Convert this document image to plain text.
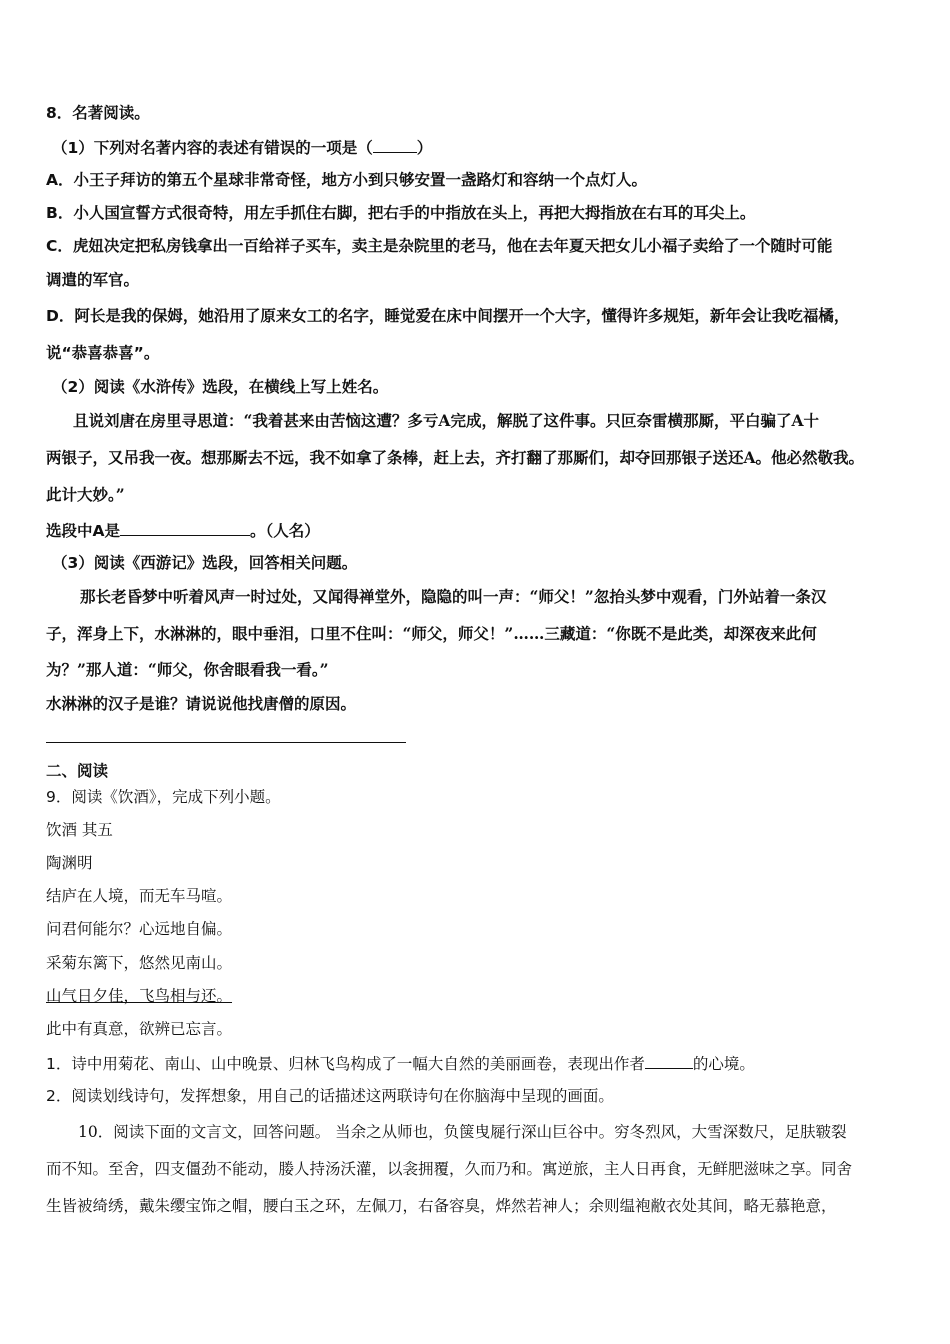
8．名著阅读。
（1）下列对名著内容的表述有错误的一项是（	）
A．小王子拜访的第五个星球非常奇怪，地方小到只够安置一盏路灯和容纳一个点灯人。
B．小人国宣誓方式很奇特，用左手抓住右脚，把右手的中指放在头上，再把大拇指放在右耳的耳尖上。
C．虎妞决定把私房钱拿出一百给祥子买车，卖主是杂院里的老马，他在去年夏天把女儿小福子卖给了一个随时可能
调遣的军官。
D．阿长是我的保姆，她沿用了原来女工的名字，睡觉爱在床中间摆开一个大字，懂得许多规矩，新年会让我吃福橘，
说“恭喜恭喜”。
（2）阅读《水浒传》选段，在横线上写上姓名。
且说刘唐在房里寻思道：“我着甚来由苦恼这遭？多亏A完成，解脱了这件事。只叵奈雷横那厮，平白骗了A十
两银子，又吊我一夜。想那厮去不远，我不如拿了条棒，赶上去，齐打翻了那厮们，却夺回那银子送还A。他必然敬我。
此计大妙。”
选段中A是	。（人名）
（3）阅读《西游记》选段，回答相关问题。
那长老昏梦中听着风声一时过处，又闻得禅堂外，隐隐的叫一声：“师父！”忽抬头梦中观看，门外站着一条汉
子，浑身上下，水淋淋的，眼中垂泪，口里不住叫：“师父，师父！”……三藏道：“你既不是此类，却深夜来此何
为？”那人道：“师父，你舍眼看我一看。”
水淋淋的汉子是谁？请说说他找唐僧的原因。
二、阅读
9．阅读《饮酒》，完成下列小题。
饮酒 其五
陶渊明
结庐在人境，而无车马喧。
问君何能尔？心远地自偏。
采菊东篱下，悠然见南山。
山气日夕佳，飞鸟相与还。
此中有真意，欲辨已忘言。
1．诗中用菊花、南山、山中晚景、归林飞鸟构成了一幅大自然的美丽画卷，表现出作者	的心境。
2．阅读划线诗句，发挥想象，用自己的话描述这两联诗句在你脑海中呈现的画面。
10．阅读下面的文言文，回答问题。 当余之从师也，负箧曳屣行深山巨谷中。穷冬烈风，大雪深数尺，足肤皲裂
而不知。至舍，四支僵劲不能动，媵人持汤沃灌，以衾拥覆，久而乃和。寓逆旅，主人日再食，无鲜肥滋味之享。同舍
生皆被绮绣，戴朱缨宝饰之帽，腰白玉之环，左佩刀，右备容臭，烨然若神人；余则缊袍敝衣处其间，略无慕艳意，
